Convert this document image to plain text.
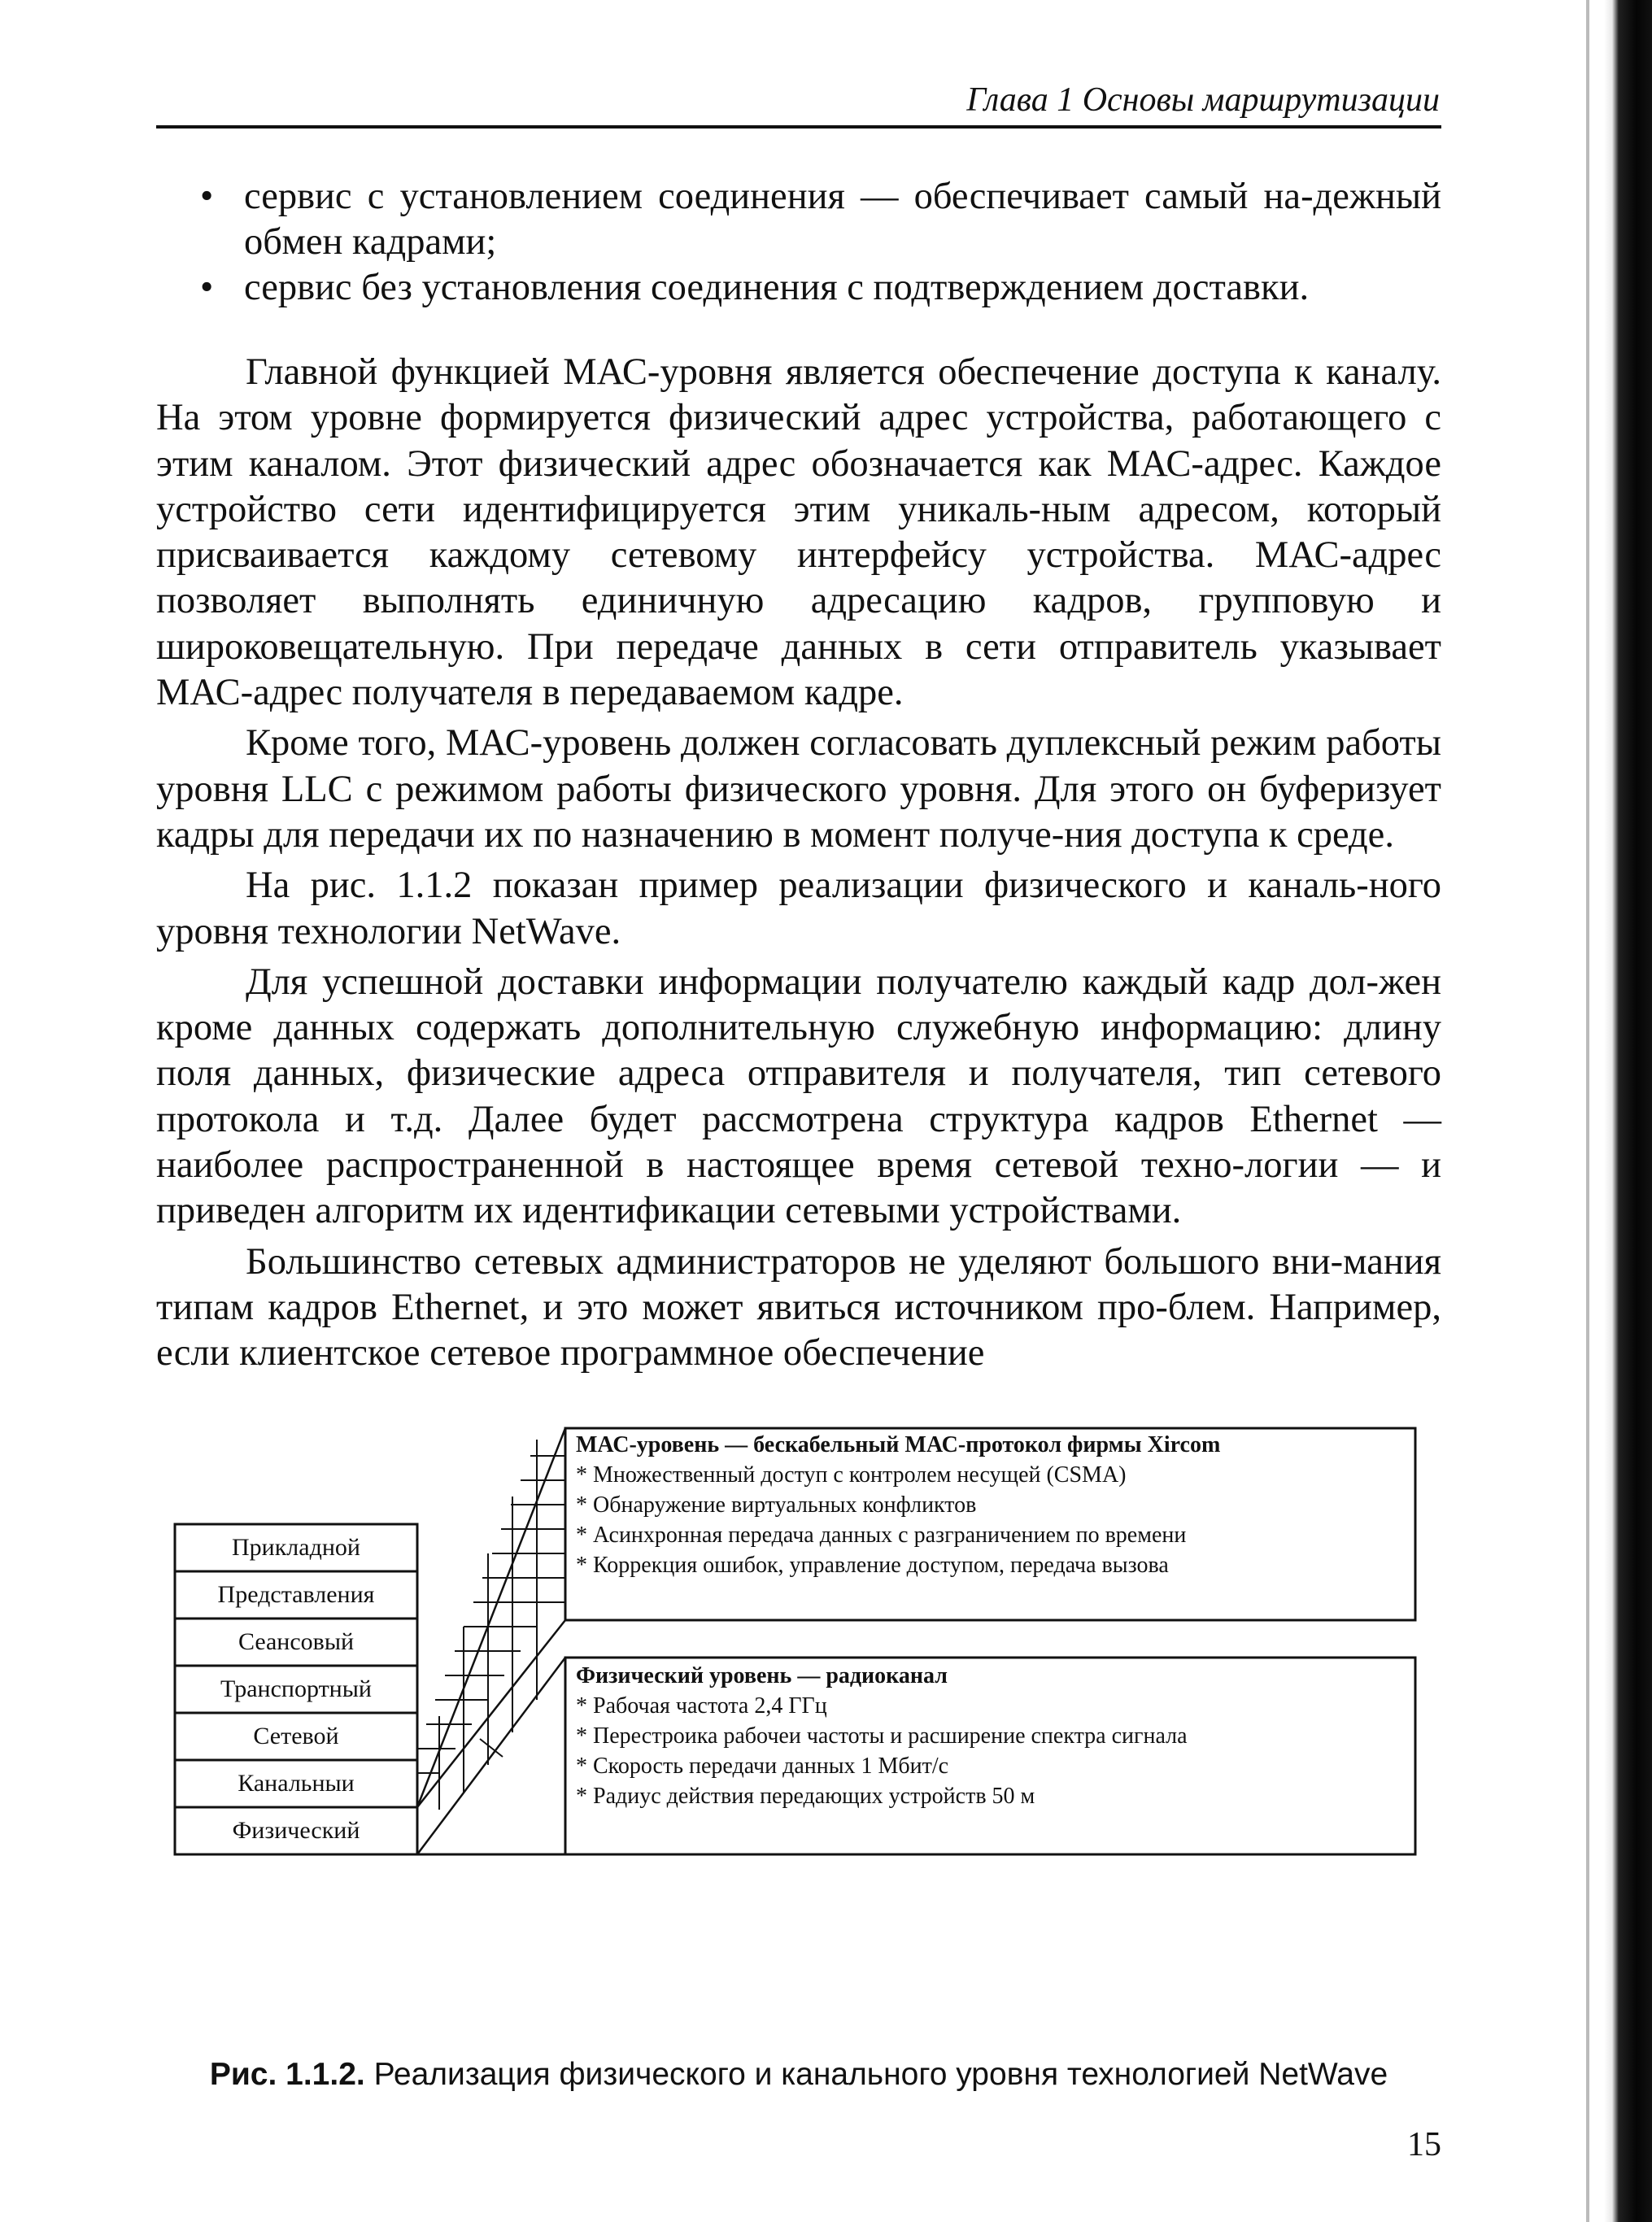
Глава 1 Основы маршрутизации

• сервис с установлением соединения — обеспечивает самый на-дежный обмен кадрами;

• сервис без установления соединения с подтверждением доставки.

Главной функцией МАС-уровня является обеспечение доступа к каналу. На этом уровне формируется физический адрес устройства, работающего с этим каналом. Этот физический адрес обозначается как МАС-адрес. Каждое устройство сети идентифицируется этим уникаль-ным адресом, который присваивается каждому сетевому интерфейсу устройства. МАС-адрес позволяет выполнять единичную адресацию кадров, групповую и широковещательную. При передаче данных в сети отправитель указывает МАС-адрес получателя в передаваемом кадре.

Кроме того, МАС-уровень должен согласовать дуплексный режим работы уровня LLC с режимом работы физического уровня. Для этого он буферизует кадры для передачи их по назначению в момент получе-ния доступа к среде.

На рис. 1.1.2 показан пример реализации физического и каналь-ного уровня технологии NetWave.

Для успешной доставки информации получателю каждый кадр дол-жен кроме данных содержать дополнительную служебную информацию: длину поля данных, физические адреса отправителя и получателя, тип сетевого протокола и т.д. Далее будет рассмотрена структура кадров Ethernet — наиболее распространенной в настоящее время сетевой техно-логии — и приведен алгоритм их идентификации сетевыми устройствами.

Большинство сетевых администраторов не уделяют большого вни-мания типам кадров Ethernet, и это может явиться источником про-блем. Например, если клиентское сетевое программное обеспечение

Прикладной
Представления
Сеансовый
Транспортный
Сетевой
Канальныи
Физический
МАС-уровень — бескабельный МАС-протокол фирмы Xircom
* Множественный доступ с контролем несущей (CSMA)
* Обнаружение виртуальных конфликтов
* Асинхронная передача данных с разграничением по времени
* Коррекция ошибок, управление доступом, передача вызова
Физический уровень — радиоканал
* Рабочая частота 2,4 ГГц
* Перестроика рабочеи частоты и расширение спектра сигнала
* Скорость передачи данных 1 Мбит/с
* Радиус действия передающих устройств 50 м
Рис. 1.1.2. Реализация физического и канального уровня технологией NetWave
15
